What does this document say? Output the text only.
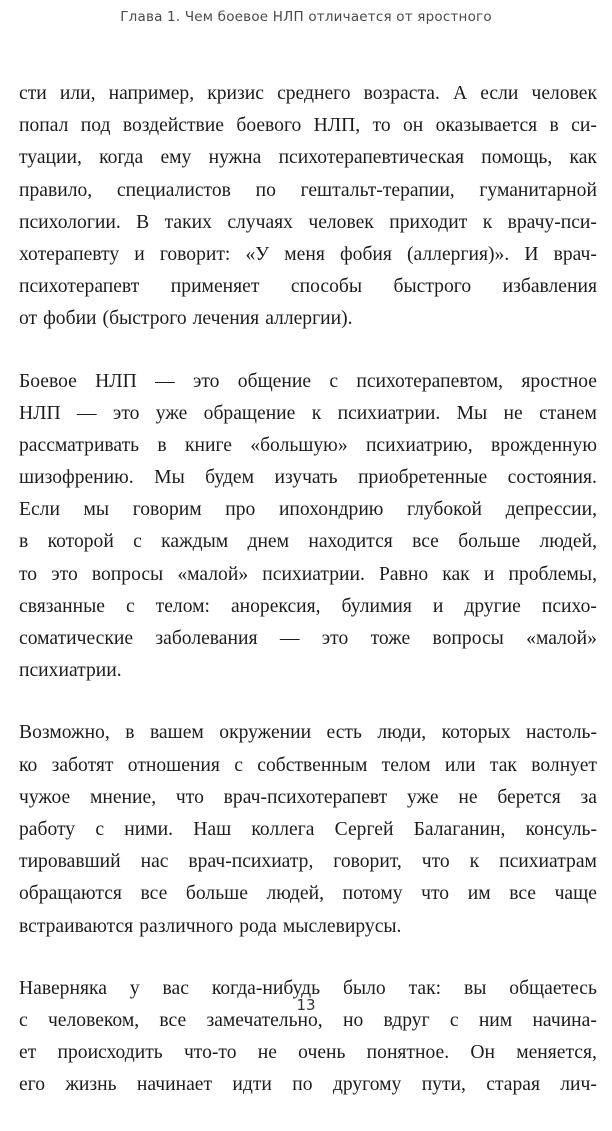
Глава 1. Чем боевое НЛП отличается от яростного
сти или, например, кризис среднего возраста. А если человек
попал под воздействие боевого НЛП, то он оказывается в си-
туации, когда ему нужна психотерапевтическая помощь, как
правило, специалистов по гештальт-терапии, гуманитарной
психологии. В таких случаях человек приходит к врачу-пси-
хотерапевту и говорит: «У меня фобия (аллергия)». И врач-
психотерапевт применяет способы быстрого избавления
от фобии (быстрого лечения аллергии).
Боевое НЛП — это общение с психотерапевтом, яростное
НЛП — это уже обращение к психиатрии. Мы не станем
рассматривать в книге «большую» психиатрию, врожденную
шизофрению. Мы будем изучать приобретенные состояния.
Если мы говорим про ипохондрию глубокой депрессии,
в которой с каждым днем находится все больше людей,
то это вопросы «малой» психиатрии. Равно как и проблемы,
связанные с телом: анорексия, булимия и другие психо-
соматические заболевания — это тоже вопросы «малой»
психиатрии.
Возможно, в вашем окружении есть люди, которых настоль-
ко заботят отношения с собственным телом или так волнует
чужое мнение, что врач-психотерапевт уже не берется за
работу с ними. Наш коллега Сергей Балаганин, консуль-
тировавший нас врач-психиатр, говорит, что к психиатрам
обращаются все больше людей, потому что им все чаще
встраиваются различного рода мыслевирусы.
Наверняка у вас когда-нибудь было так: вы общаетесь
с человеком, все замечательно, но вдруг с ним начина-
ет происходить что-то не очень понятное. Он меняется,
его жизнь начинает идти по другому пути, старая лич-
13
